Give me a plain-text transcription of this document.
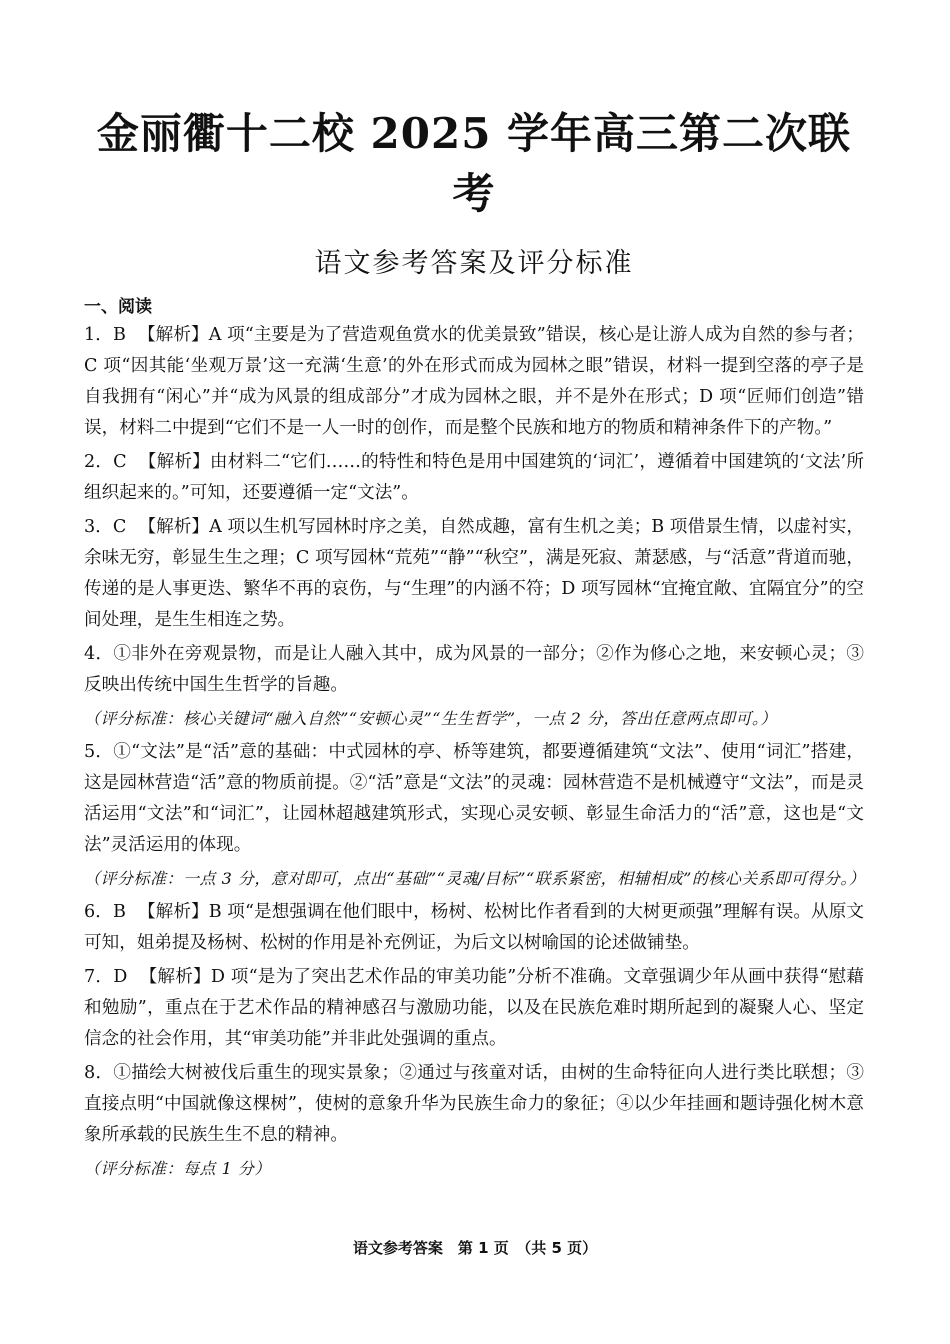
金丽衢十二校 2025 学年高三第二次联考
语文参考答案及评分标准
一、阅读
1．B 【解析】A 项“主要是为了营造观鱼赏水的优美景致”错误，核心是让游人成为自然的参与者；C 项“因其能‘坐观万景’这一充满‘生意’的外在形式而成为园林之眼”错误，材料一提到空落的亭子是自我拥有“闲心”并“成为风景的组成部分”才成为园林之眼，并不是外在形式；D 项“匠师们创造”错误，材料二中提到“它们不是一人一时的创作，而是整个民族和地方的物质和精神条件下的产物。”
2．C 【解析】由材料二“它们……的特性和特色是用中国建筑的‘词汇’，遵循着中国建筑的‘文法’所组织起来的。”可知，还要遵循一定“文法”。
3．C 【解析】A 项以生机写园林时序之美，自然成趣，富有生机之美；B 项借景生情，以虚衬实，余味无穷，彰显生生之理；C 项写园林“荒苑”“静”“秋空”，满是死寂、萧瑟感，与“活意”背道而驰，传递的是人事更迭、繁华不再的哀伤，与“生理”的内涵不符；D 项写园林“宜掩宜敞、宜隔宜分”的空间处理，是生生相连之势。
4．①非外在旁观景物，而是让人融入其中，成为风景的一部分；②作为修心之地，来安顿心灵；③反映出传统中国生生哲学的旨趣。
（评分标准：核心关键词“融入自然”“安顿心灵”“生生哲学”，一点 2 分，答出任意两点即可。）
5．①“文法”是“活”意的基础：中式园林的亭、桥等建筑，都要遵循建筑“文法”、使用“词汇”搭建，这是园林营造“活”意的物质前提。②“活”意是“文法”的灵魂：园林营造不是机械遵守“文法”，而是灵活运用“文法”和“词汇”，让园林超越建筑形式，实现心灵安顿、彰显生命活力的“活”意，这也是“文法”灵活运用的体现。
（评分标准：一点 3 分，意对即可，点出“基础”“灵魂/目标”“联系紧密，相辅相成”的核心关系即可得分。）
6．B 【解析】B 项“是想强调在他们眼中，杨树、松树比作者看到的大树更顽强”理解有误。从原文可知，姐弟提及杨树、松树的作用是补充例证，为后文以树喻国的论述做铺垫。
7．D 【解析】D 项“是为了突出艺术作品的审美功能”分析不准确。文章强调少年从画中获得“慰藉和勉励”，重点在于艺术作品的精神感召与激励功能，以及在民族危难时期所起到的凝聚人心、坚定信念的社会作用，其“审美功能”并非此处强调的重点。
8．①描绘大树被伐后重生的现实景象；②通过与孩童对话，由树的生命特征向人进行类比联想；③直接点明“中国就像这棵树”，使树的意象升华为民族生命力的象征；④以少年挂画和题诗强化树木意象所承载的民族生生不息的精神。
（评分标准：每点 1 分）
语文参考答案　第 1 页　（共 5 页）
